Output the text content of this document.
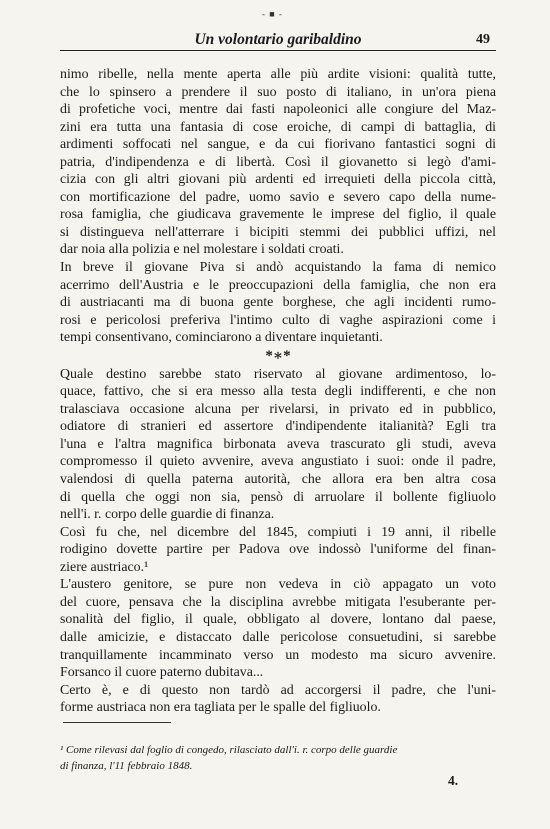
- ■ -
Un volontario garibaldino	49

nimo ribelle, nella mente aperta alle più ardite visioni: qualità tutte,

che lo spinsero a prendere il suo posto di italiano, in un'ora piena

di profetiche voci, mentre dai fasti napoleonici alle congiure del Maz-

zini era tutta una fantasia di cose eroiche, di campi di battaglia, di

ardimenti soffocati nel sangue, e da cui fiorivano fantastici sogni di

patria, d'indipendenza e di libertà. Così il giovanetto si legò d'ami-

cizia con gli altri giovani più ardenti ed irrequieti della piccola città,

con mortificazione del padre, uomo savio e severo capo della nume-

rosa famiglia, che giudicava gravemente le imprese del figlio, il quale

si distingueva nell'atterrare i bicipiti stemmi dei pubblici uffizi, nel

dar noia alla polizia e nel molestare i soldati croati.

In breve il giovane Piva si andò acquistando la fama di nemico

acerrimo dell'Austria e le preoccupazioni della famiglia, che non era

di austriacanti ma di buona gente borghese, che agli incidenti rumo-

rosi e pericolosi preferiva l'intimo culto di vaghe aspirazioni come i

tempi consentivano, cominciarono a diventare inquietanti.

*∗*

Quale destino sarebbe stato riservato al giovane ardimentoso, lo-

quace, fattivo, che si era messo alla testa degli indifferenti, e che non

tralasciava occasione alcuna per rivelarsi, in privato ed in pubblico,

odiatore di stranieri ed assertore d'indipendente italianità? Egli tra

l'una e l'altra magnifica birbonata aveva trascurato gli studi, aveva

compromesso il quieto avvenire, aveva angustiato i suoi: onde il padre,

valendosi di quella paterna autorità, che allora era ben altra cosa

di quella che oggi non sia, pensò di arruolare il bollente figliuolo

nell'i. r. corpo delle guardie di finanza.

Così fu che, nel dicembre del 1845, compiuti i 19 anni, il ribelle

rodigino dovette partire per Padova ove indossò l'uniforme del finan-

ziere austriaco.¹

L'austero genitore, se pure non vedeva in ciò appagato un voto

del cuore, pensava che la disciplina avrebbe mitigata l'esuberante per-

sonalità del figlio, il quale, obbligato al dovere, lontano dal paese,

dalle amicizie, e distaccato dalle pericolose consuetudini, si sarebbe

tranquillamente incamminato verso un modesto ma sicuro avvenire.

Forsanco il cuore paterno dubitava...

Certo è, e di questo non tardò ad accorgersi il padre, che l'uni-

forme austriaca non era tagliata per le spalle del figliuolo.

¹ Come rilevasi dal foglio di congedo, rilasciato dall'i. r. corpo delle guardie

di finanza, l'11 febbraio 1848.

4.
